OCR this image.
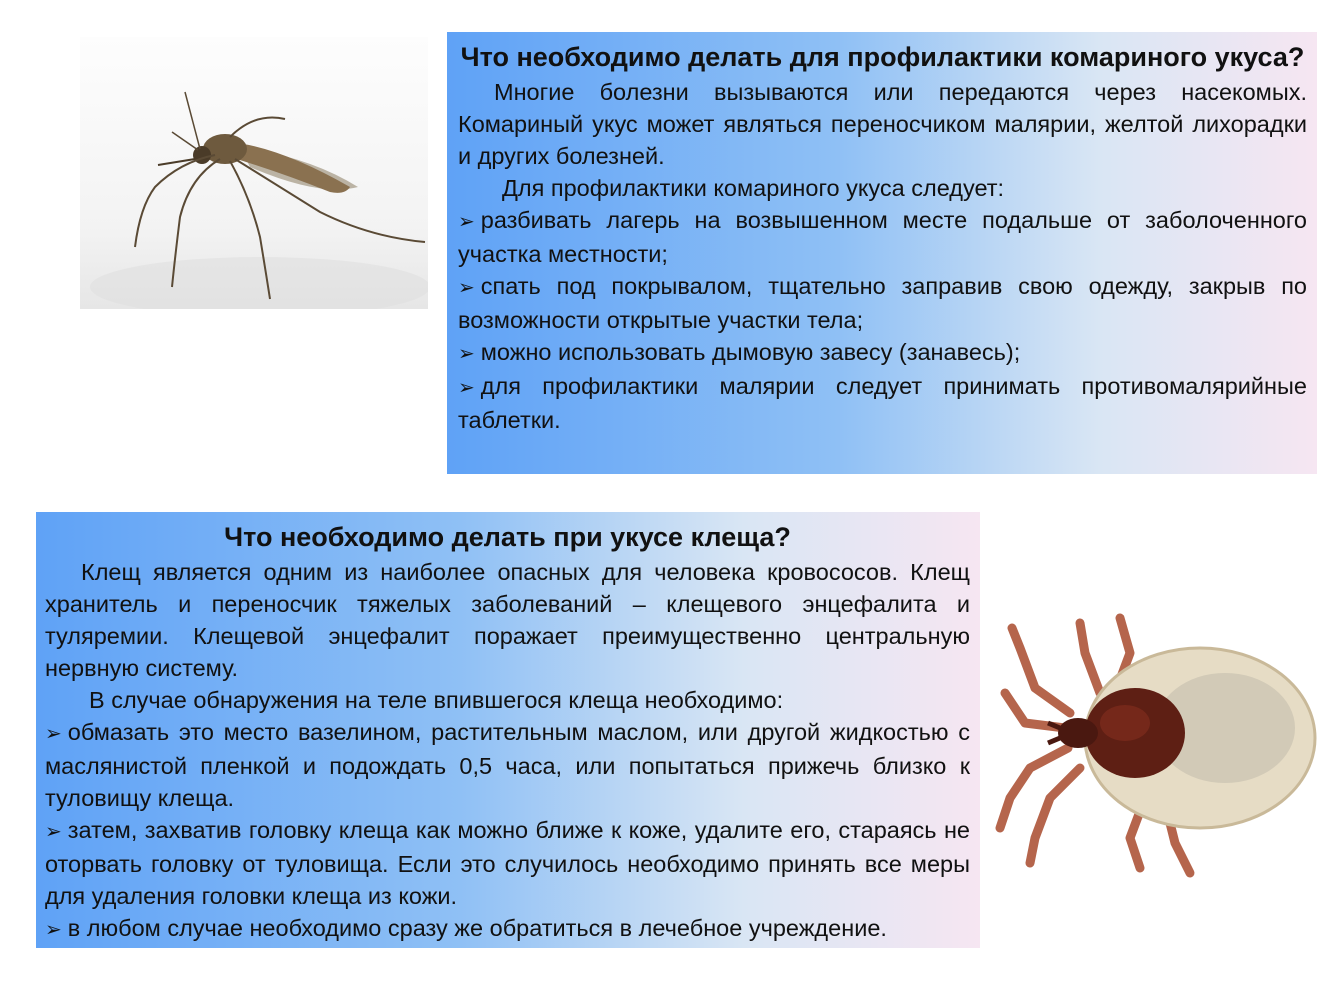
Что необходимо делать для профилактики комариного укуса?

Многие болезни вызываются или передаются через насекомых. Комариный укус может являться переносчиком малярии, желтой лихорадки и других болезней.

Для профилактики комариного укуса следует:

➢ разбивать лагерь на возвышенном месте подальше от заболоченного участка местности;

➢ спать под покрывалом, тщательно заправив свою одежду, закрыв по возможности открытые участки тела;

➢ можно использовать дымовую завесу (занавесь);

➢ для профилактики малярии следует принимать противомалярийные таблетки.

Что необходимо делать при укусе клеща?

Клещ является одним из наиболее опасных для человека кровососов. Клещ хранитель и переносчик тяжелых заболеваний – клещевого энцефалита и туляремии. Клещевой энцефалит поражает преимущественно центральную нервную систему.

В случае обнаружения на теле впившегося клеща необходимо:

➢ обмазать это место вазелином, растительным маслом, или другой жидкостью с маслянистой пленкой и подождать 0,5 часа, или попытаться прижечь близко к туловищу клеща.

➢ затем, захватив головку клеща как можно ближе к коже, удалите его, стараясь не оторвать головку от туловища. Если это случилось необходимо принять все меры для удаления головки клеща из кожи.

➢ в любом случае необходимо сразу же обратиться в лечебное учреждение.
